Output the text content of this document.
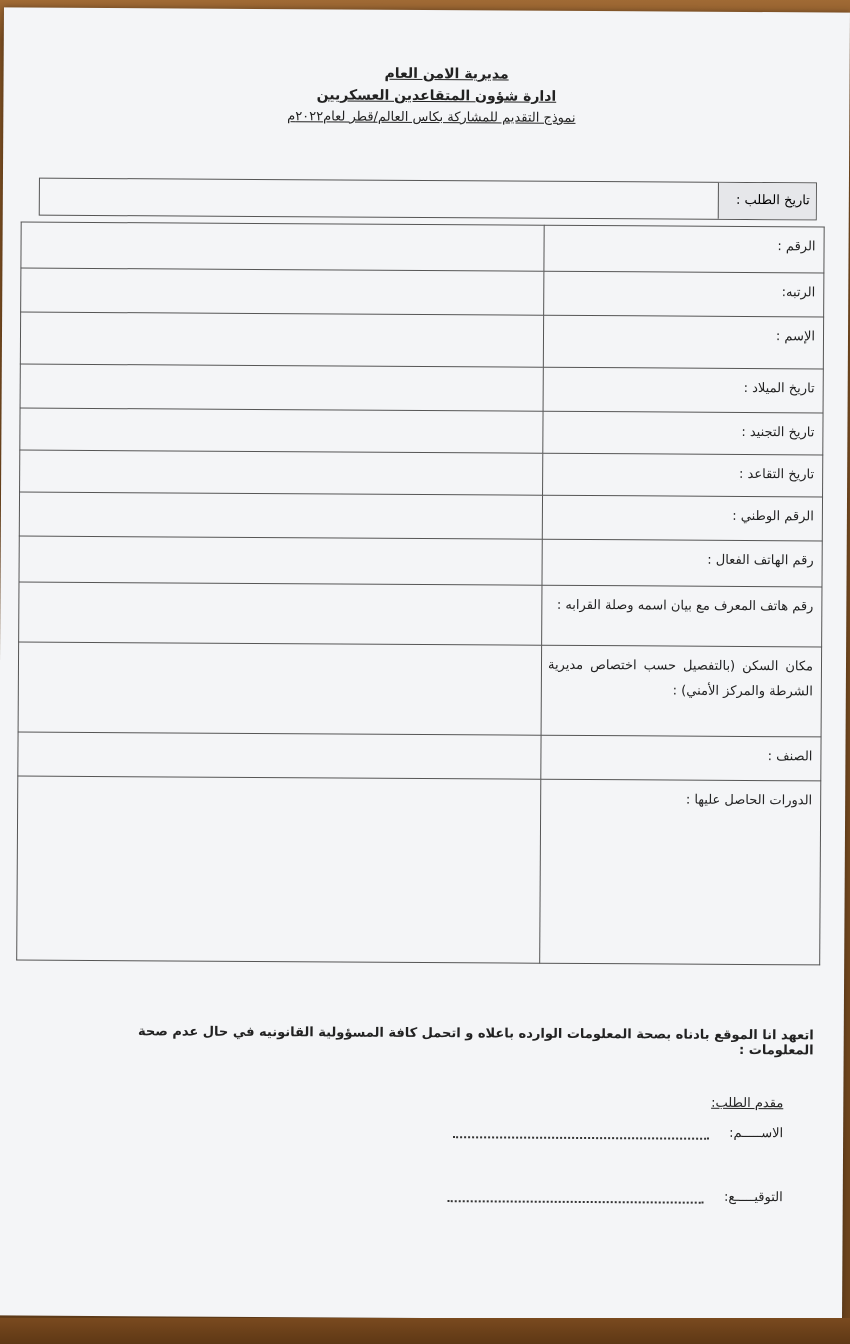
مديرية الامن العام
ادارة شؤون المتقاعدين العسكريين
نموذج التقديم للمشاركة بكاس العالم/قطر لعام٢٠٢٢م
تاريخ الطلب :
الرقم :	
الرتبه:	
الإسم :	
تاريخ الميلاد :	
تاريخ التجنيد :	
تاريخ التقاعد :	
الرقم الوطني :	
رقم الهاتف الفعال :	
رقم هاتف المعرف مع بيان اسمه وصلة القرابه :	
مكان السكن (بالتفصيل حسب اختصاص مديرية الشرطة والمركز الأمني) :	
الصنف :	
الدورات الحاصل عليها :	
اتعهد انا الموقع بادناه بصحة المعلومات الوارده باعلاه و اتحمل كافة المسؤولية القانونيه في حال عدم صحة المعلومات :
مقدم الطلب:
الاســـــم:
التوقيـــــع:
